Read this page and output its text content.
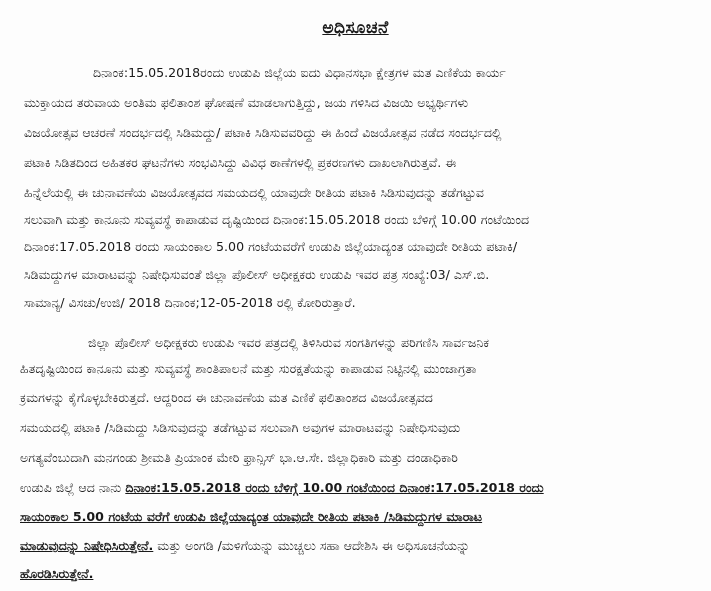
ಅಧಿಸೂಚನೆ
ದಿನಾಂಕ:15.05.2018ರಂದು ಉಡುಪಿ ಜಿಲ್ಲೆಯ ಐದು ವಿಧಾನಸಭಾ ಕ್ಷೇತ್ರಗಳ ಮತ ಎಣಿಕೆಯ ಕಾರ್ಯ
ಮುಕ್ತಾಯದ ತರುವಾಯ ಅಂತಿಮ ಫಲಿತಾಂಶ ಘೋಷಣೆ ಮಾಡಲಾಗುತ್ತಿದ್ದು, ಜಯ ಗಳಿಸಿದ ವಿಜಯಿ ಅಭ್ಯರ್ಥಿಗಳು
ವಿಜಯೋತ್ಸವ ಆಚರಣೆ ಸಂದರ್ಭದಲ್ಲಿ ಸಿಡಿಮದ್ದು/ ಪಟಾಕಿ ಸಿಡಿಸುವವರಿದ್ದು ಈ ಹಿಂದೆ ವಿಜಯೋತ್ಸವ ನಡೆದ ಸಂದರ್ಭದಲ್ಲಿ
ಪಟಾಕಿ ಸಿಡಿತದಿಂದ ಅಹಿತಕರ ಘಟನೆಗಳು ಸಂಭವಿಸಿದ್ದು ವಿವಿಧ ಠಾಣೆಗಳಲ್ಲಿ ಪ್ರಕರಣಗಳು ದಾಖಲಾಗಿರುತ್ತವೆ. ಈ
ಹಿನ್ನೆಲೆಯಲ್ಲಿ ಈ ಚುನಾವಣೆಯ ವಿಜಯೋತ್ಸವದ ಸಮಯದಲ್ಲಿ ಯಾವುದೇ ರೀತಿಯ ಪಟಾಕಿ ಸಿಡಿಸುವುದನ್ನು ತಡೆಗಟ್ಟುವ
ಸಲುವಾಗಿ ಮತ್ತು ಕಾನೂನು ಸುವ್ಯವಸ್ಥೆ ಕಾಪಾಡುವ ದೃಷ್ಟಿಯಿಂದ ದಿನಾಂಕ:15.05.2018 ರಂದು ಬೆಳಿಗ್ಗೆ 10.00 ಗಂಟೆಯಿಂದ
ದಿನಾಂಕ:17.05.2018 ರಂದು ಸಾಯಂಕಾಲ 5.00 ಗಂಟೆಯವರೆಗೆ ಉಡುಪಿ ಜಿಲ್ಲೆಯಾದ್ಯಂತ ಯಾವುದೇ ರೀತಿಯ ಪಟಾಕಿ/
ಸಿಡಿಮದ್ದುಗಳ ಮಾರಾಟವನ್ನು ನಿಷೇಧಿಸುವಂತೆ ಜಿಲ್ಲಾ ಪೊಲೀಸ್ ಅಧೀಕ್ಷಕರು ಉಡುಪಿ ಇವರ ಪತ್ರ ಸಂಖ್ಯೆ:03/ ಎಸ್.ಬಿ.
ಸಾಮಾನ್ಯ/ ವಿಸಚು/ಉಜಿ/ 2018 ದಿನಾಂಕ;12-05-2018 ರಲ್ಲಿ ಕೋರಿರುತ್ತಾರೆ.
ಜಿಲ್ಲಾ ಪೊಲೀಸ್ ಅಧೀಕ್ಷಕರು ಉಡುಪಿ ಇವರ ಪತ್ರದಲ್ಲಿ ತಿಳಿಸಿರುವ ಸಂಗತಿಗಳನ್ನು ಪರಿಗಣಿಸಿ ಸಾರ್ವಜನಿಕ
ಹಿತದೃಷ್ಟಿಯಿಂದ ಕಾನೂನು ಮತ್ತು ಸುವ್ಯವಸ್ಥೆ ಶಾಂತಿಪಾಲನೆ ಮತ್ತು ಸುರಕ್ಷತೆಯನ್ನು ಕಾಪಾಡುವ ನಿಟ್ಟಿನಲ್ಲಿ ಮುಂಜಾಗ್ರತಾ
ಕ್ರಮಗಳನ್ನು ಕೈಗೊಳ್ಳಬೇಕಿರುತ್ತದೆ. ಆದ್ದರಿಂದ ಈ ಚುನಾವಣೆಯ ಮತ ಎಣಿಕೆ ಫಲಿತಾಂಶದ ವಿಜಯೋತ್ಸವದ
ಸಮಯದಲ್ಲಿ ಪಟಾಕಿ /ಸಿಡಿಮದ್ದು ಸಿಡಿಸುವುದನ್ನು ತಡೆಗಟ್ಟುವ ಸಲುವಾಗಿ ಅವುಗಳ ಮಾರಾಟವನ್ನು ನಿಷೇಧಿಸುವುದು
ಅಗತ್ಯವೆಂಬುದಾಗಿ ಮನಗಂಡು ಶ್ರೀಮತಿ ಪ್ರಿಯಾಂಕ ಮೇರಿ ಫ್ರಾನ್ಸಿಸ್ ಭಾ.ಆ.ಸೇ. ಜಿಲ್ಲಾಧಿಕಾರಿ ಮತ್ತು ದಂಡಾಧಿಕಾರಿ
ಉಡುಪಿ ಜಿಲ್ಲೆ ಆದ ನಾನು ದಿನಾಂಕ:15.05.2018 ರಂದು ಬೆಳಿಗ್ಗೆ 10.00 ಗಂಟೆಯಿಂದ ದಿನಾಂಕ:17.05.2018 ರಂದು
ಸಾಯಂಕಾಲ 5.00 ಗಂಟೆಯ ವರೆಗೆ ಉಡುಪಿ ಜಿಲ್ಲೆಯಾದ್ಯಂತ ಯಾವುದೇ ರೀತಿಯ ಪಟಾಕಿ /ಸಿಡಿಮದ್ದುಗಳ ಮಾರಾಟ
ಮಾಡುವುದನ್ನು ನಿಷೇಧಿಸಿರುತ್ತೇನೆ. ಮತ್ತು ಅಂಗಡಿ /ಮಳಿಗೆಯನ್ನು ಮುಚ್ಚಲು ಸಹಾ ಆದೇಶಿಸಿ ಈ ಅಧಿಸೂಚನೆಯನ್ನು
ಹೊರಡಿಸಿರುತ್ತೇನೆ.
